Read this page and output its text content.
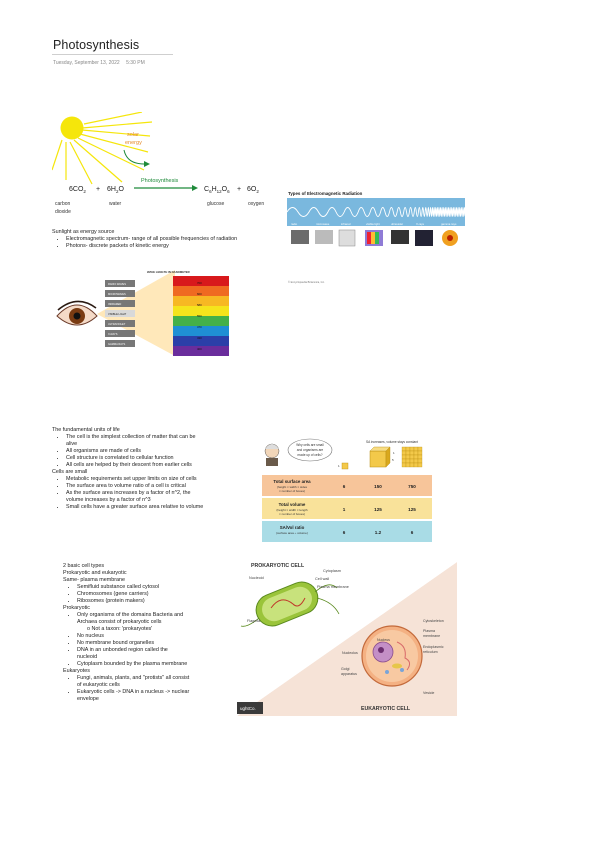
Photosynthesis
Tuesday, September 13, 2022 5:30 PM
solar
energy
Photosynthesis
$6CO_2 + 6H_2O$	$C_6H_{12}O_6 + 6O_2$
carbon
dioxide
water	glucose	oxygen
Types of Electromagnetic Radiation
radio	microwave	infrared	visible light	ultraviolet	X-rays	gamma rays
© Encyclopædia Britannica, Inc.
Sunlight as energy source
• Electromagnetic spectrum- range of all possible frequencies of radiation
• Photons- discrete packets of kinetic energy
RADIO WAVES
MICROWAVES
INFRARED
VISIBLE LIGHT
ULTRAVIOLET
X-RAYS
GAMMA RAYS
700
600
580
550
470
430
400
WAVE LENGTH IN NANOMETER
The fundamental units of life
• The cell is the simplest collection of matter that can be
alive
• All organisms are made of cells
• Cell structure is correlated to cellular function
• All cells are helped by their descent from earlier cells
Cells are small
• Metabolic requirements set upper limits on size of cells
• The surface area to volume ratio of a cell is critical
• As the surface area increases by a factor of n^2, the
volume increases by a factor of n^3
• Small cells have a greater surface area relative to volume
Why cells are small
and organisms are
made up of cells?
SA increases, volume stays constant
1
5
1
Total surface area
(height × width × sides
× number of boxes)
6	150	750
Total volume
(height × width × length
× number of boxes)
1	125	125
SA/Vol ratio
(surface area ÷ volume)	6	1.2	6
2 basic cell types
Prokaryotic and eukaryotic
Same- plasma membrane
• Semifluid substance called cytosol
• Chromosomes (gene carriers)
• Ribosomes (protein makers)
Prokaryotic
• Only organisms of the domains Bacteria and
Archaea consist of prokaryotic cells
o Not a taxon: 'prokaryotes'
• No nucleus
• No membrane bound organelles
• DNA in an unbonded region called the
nucleoid
• Cytoplasm bounded by the plasma membrane
Eukaryotes
• Fungi, animals, plants, and "protists" all consist
of eukaryotic cells
• Eukaryotic cells -> DNA in a nucleus -> nuclear
envelope
PROKARYOTIC CELL
Cytoplasm
Nucleoid	Cell wall
Plasma membrane
Flagella	Cytoskeleton
Plasma
membrane
Nucleus
Nucleolus
Endoplasmic
reticulum
Golgi
apparatus
Vesicle
EUKARYOTIC CELL
ughtCo.
